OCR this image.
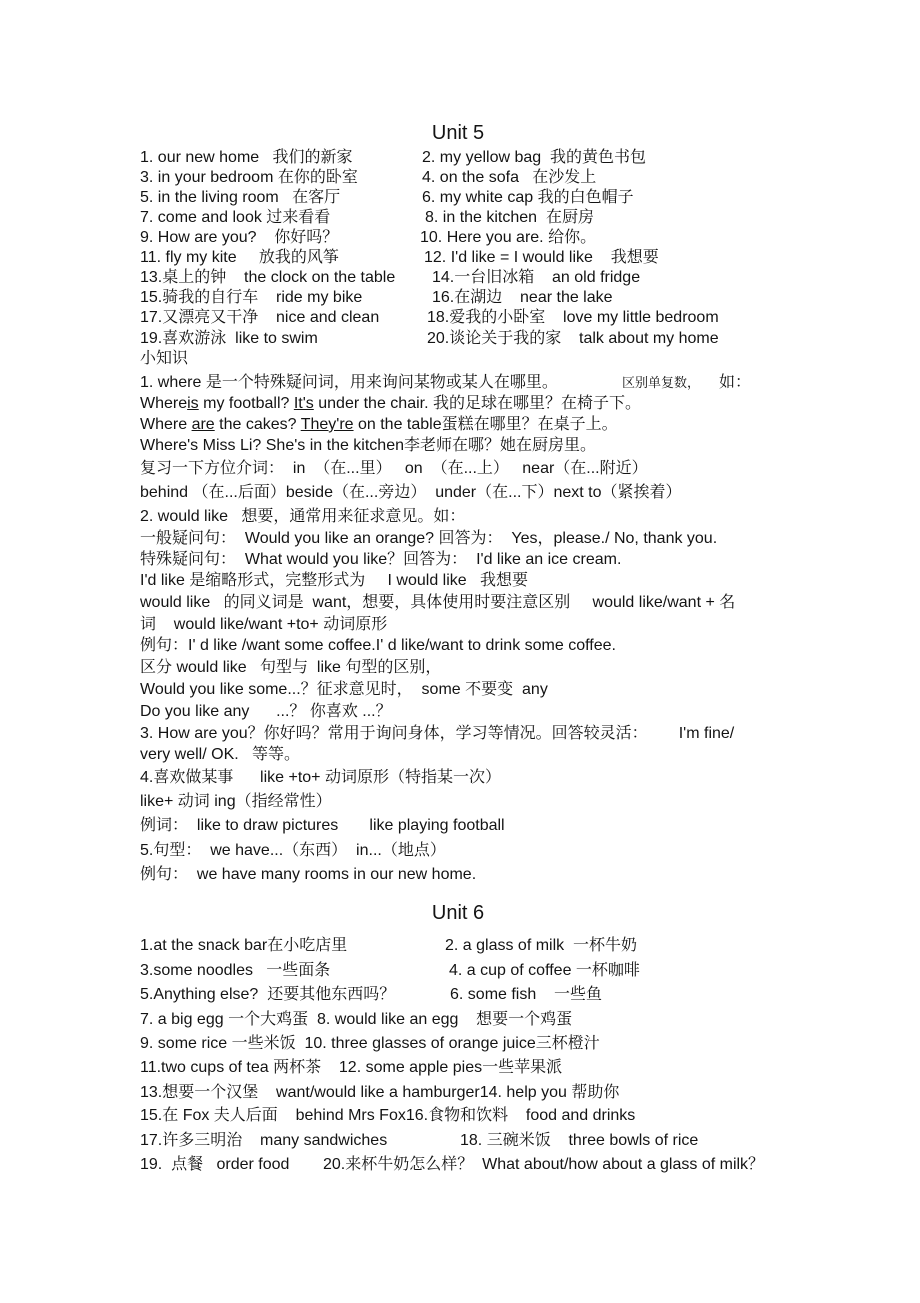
Unit 5
1. our new home   我们的新家	2. my yellow bag  我的黄色书包
3. in your bedroom 在你的卧室	4. on the sofa   在沙发上
5. in the living room   在客厅	6. my white cap 我的白色帽子
7. come and look 过来看看	8. in the kitchen  在厨房
9. How are you?    你好吗？	10. Here you are. 给你。
11. fly my kite     放我的风筝	12. I'd like = I would like    我想要
13.桌上的钟    the clock on the table 14.一台旧冰箱    an old fridge
15.骑我的自行车    ride my bike	16.在湖边    near the lake
17.又漂亮又干净    nice and clean	18.爱我的小卧室    love my little bedroom
19.喜欢游泳  like to swim	20.谈论关于我的家    talk about my home
小知识
1. where 是一个特殊疑问词，用来询问某物或某人在哪里。	区别单复数， 如：
Whereis my football? It's under the chair. 我的足球在哪里？在椅子下。
Where are the cakes? They're on the table蛋糕在哪里？在桌子上。
Where's Miss Li? She's in the kitchen李老师在哪？她在厨房里。
复习一下方位介词：  in  （在...里）   on  （在...上）   near（在...附近）
behind （在...后面）beside（在...旁边）  under（在...下）next to（紧挨着）
2. would like   想要，通常用来征求意见。如：
一般疑问句：  Would you like an orange? 回答为：  Yes，please./ No, thank you.
特殊疑问句：  What would you like？回答为：  I'd like an ice cream.
I'd like 是缩略形式，完整形式为     I would like   我想要
would like   的同义词是  want，想要，具体使用时要注意区别     would like/want + 名
词    would like/want +to+ 动词原形
例句：I' d like /want some coffee.I' d like/want to drink some coffee.
区分 would like   句型与  like 句型的区别，
Would you like some...？征求意见时，  some 不要变  any
Do you like any      ...？ 你喜欢 ...？
3. How are you？你好吗？常用于询问身体，学习等情况。回答较灵活：       I'm fine/
very well/ OK.   等等。
4.喜欢做某事      like +to+ 动词原形（特指某一次）
like+ 动词 ing（指经常性）
例词：  like to draw pictures       like playing football
5.句型：  we have...（东西）  in...（地点）
例句：  we have many rooms in our new home.
Unit 6
1.at the snack bar在小吃店里	2. a glass of milk  一杯牛奶
3.some noodles   一些面条	4. a cup of coffee 一杯咖啡
5.Anything else?  还要其他东西吗？	6. some fish    一些鱼
7. a big egg 一个大鸡蛋  8. would like an egg    想要一个鸡蛋
9. some rice 一些米饭  10. three glasses of orange juice三杯橙汁
11.two cups of tea 两杯茶    12. some apple pies一些苹果派
13.想要一个汉堡    want/would like a hamburger14. help you 帮助你
15.在 Fox 夫人后面    behind Mrs Fox16.食物和饮料    food and drinks
17.许多三明治    many sandwiches	18. 三碗米饭    three bowls of rice
19.  点餐   order food 20.来杯牛奶怎么样？  What about/how about a glass of milk？
